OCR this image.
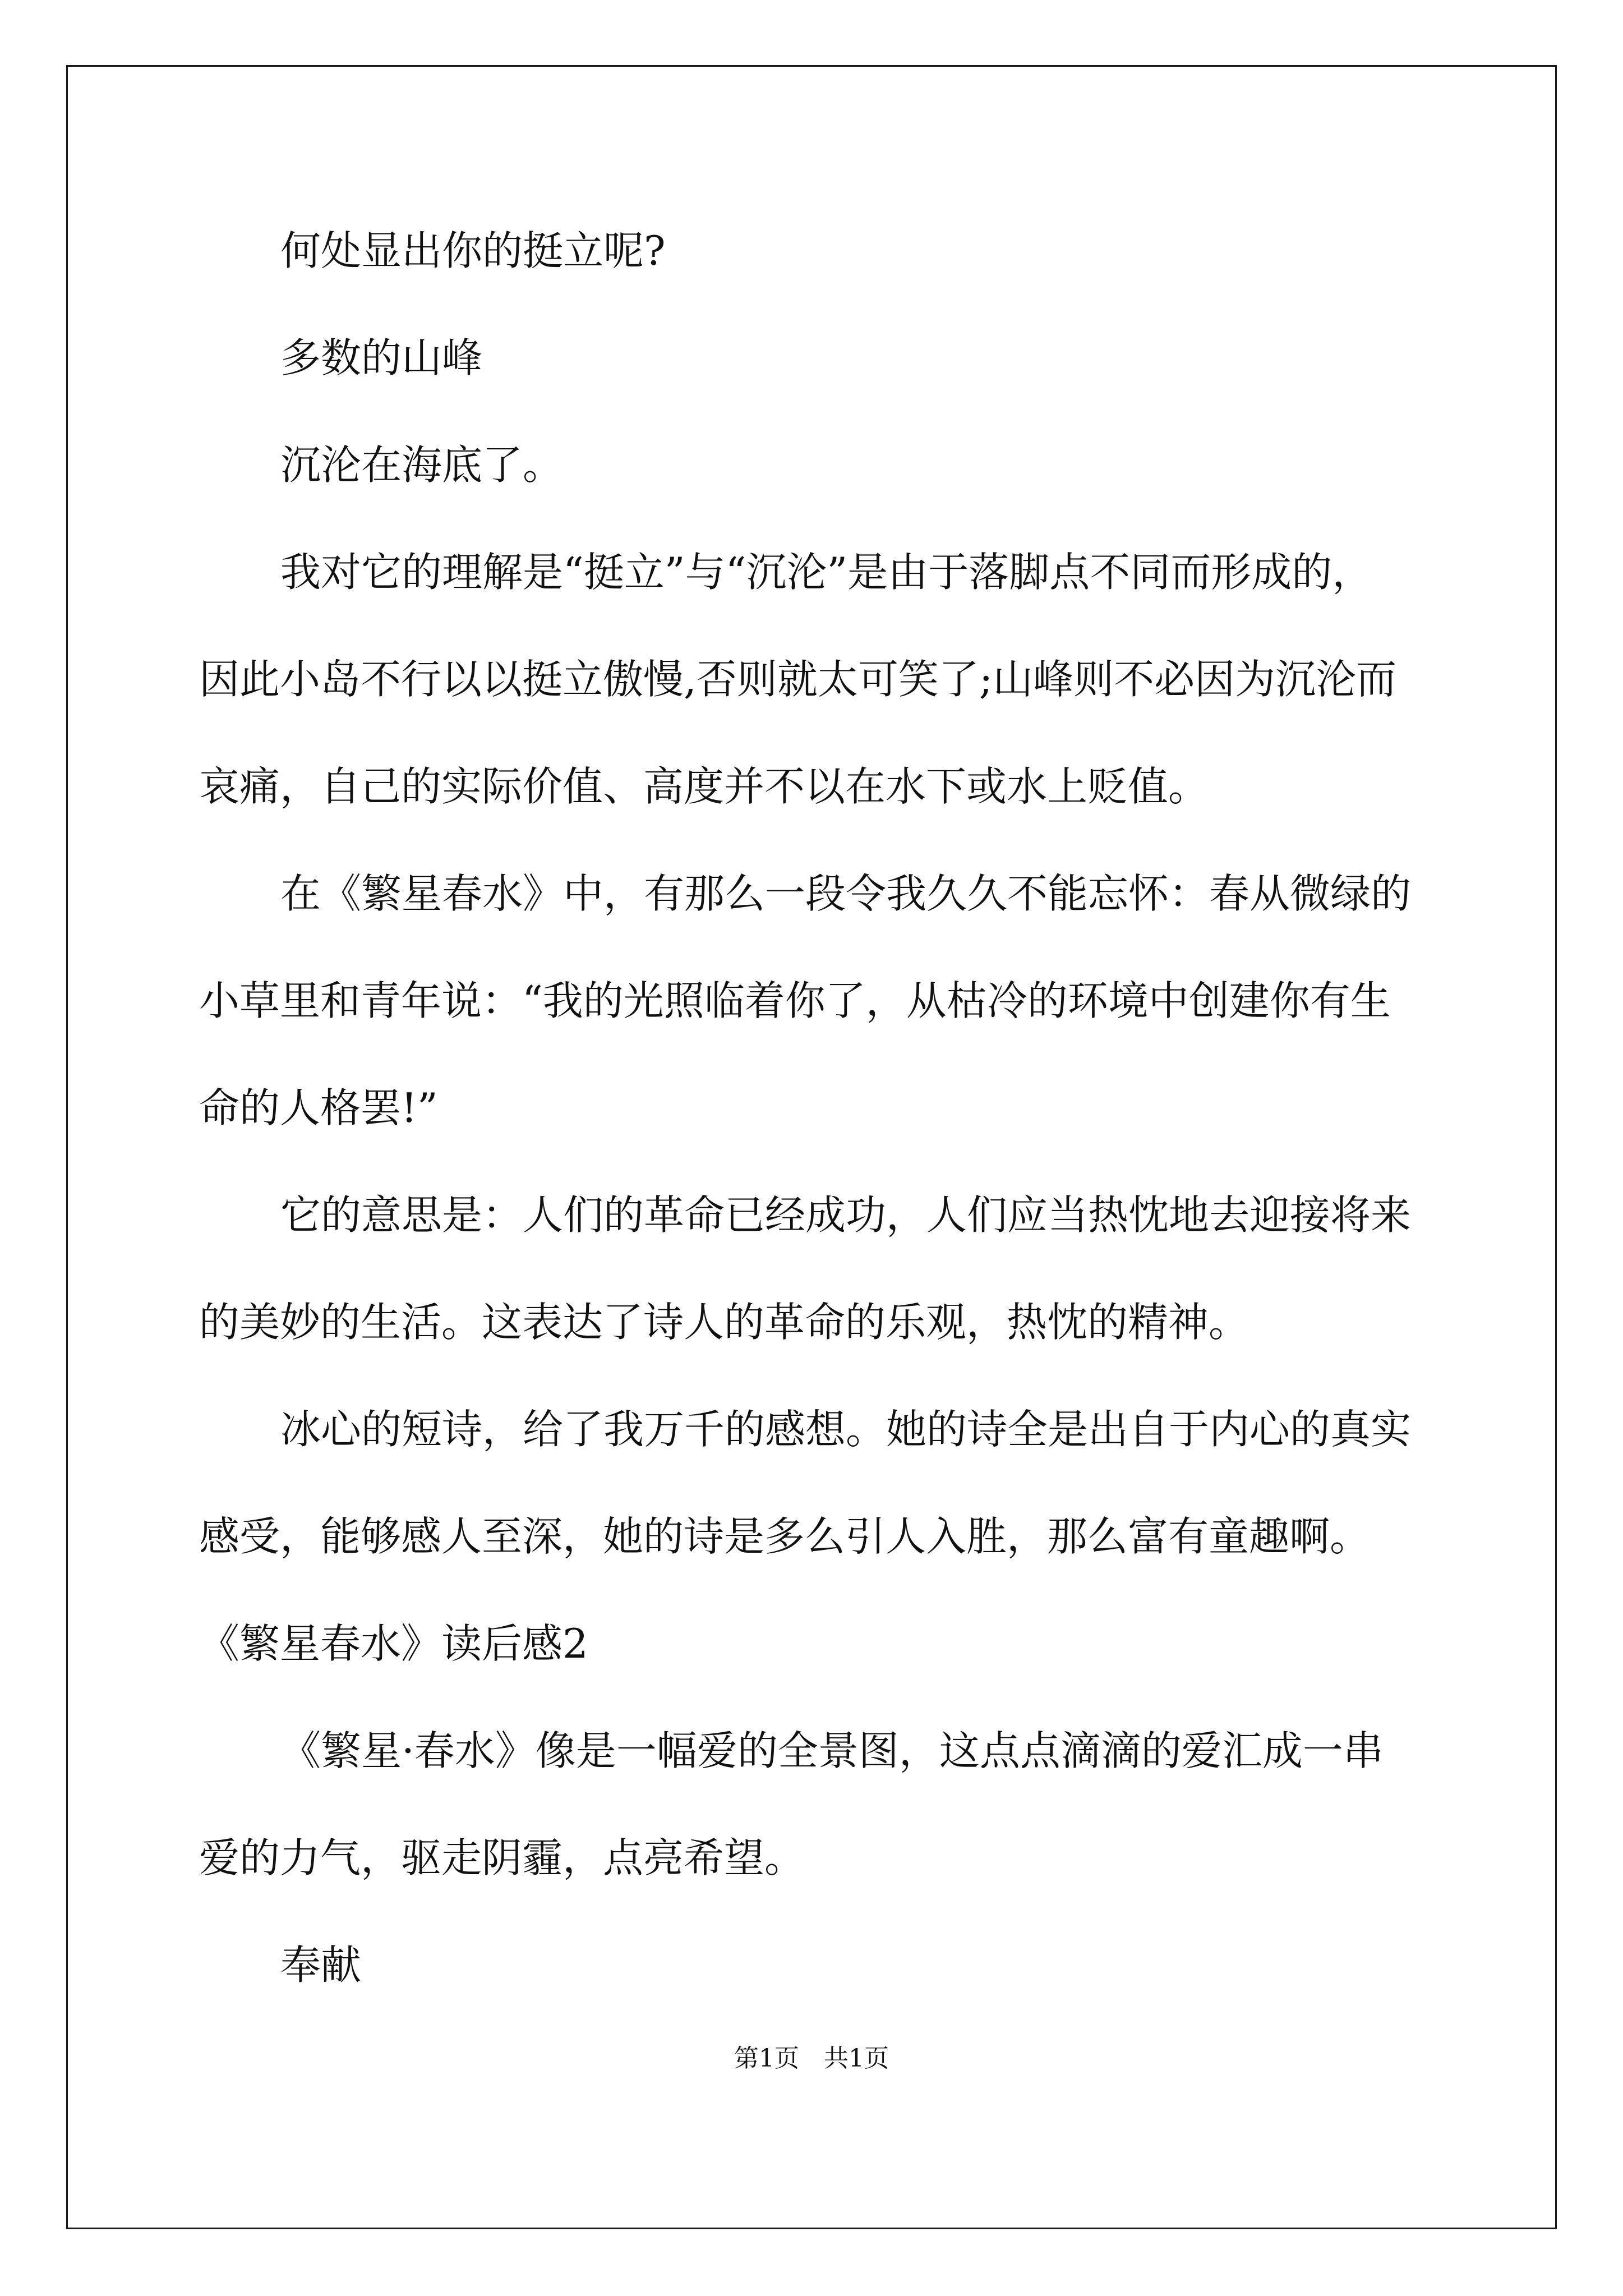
何处显出你的挺立呢?
多数的山峰
沉沦在海底了。
我对它的理解是“挺立”与“沉沦”是由于落脚点不同而形成的，
因此小岛不行以以挺立傲慢,否则就太可笑了;山峰则不必因为沉沦而
哀痛，自己的实际价值、高度并不以在水下或水上贬值。
在《繁星春水》中，有那么一段令我久久不能忘怀：春从微绿的
小草里和青年说：“我的光照临着你了，从枯冷的环境中创建你有生
命的人格罢!”
它的意思是：人们的革命已经成功，人们应当热忱地去迎接将来
的美妙的生活。这表达了诗人的革命的乐观，热忱的精神。
冰心的短诗，给了我万千的感想。她的诗全是出自于内心的真实
感受，能够感人至深，她的诗是多么引人入胜，那么富有童趣啊。
《繁星春水》读后感2
《繁星·春水》像是一幅爱的全景图，这点点滴滴的爱汇成一串
爱的力气，驱走阴霾，点亮希望。
奉献
第1页　共1页
